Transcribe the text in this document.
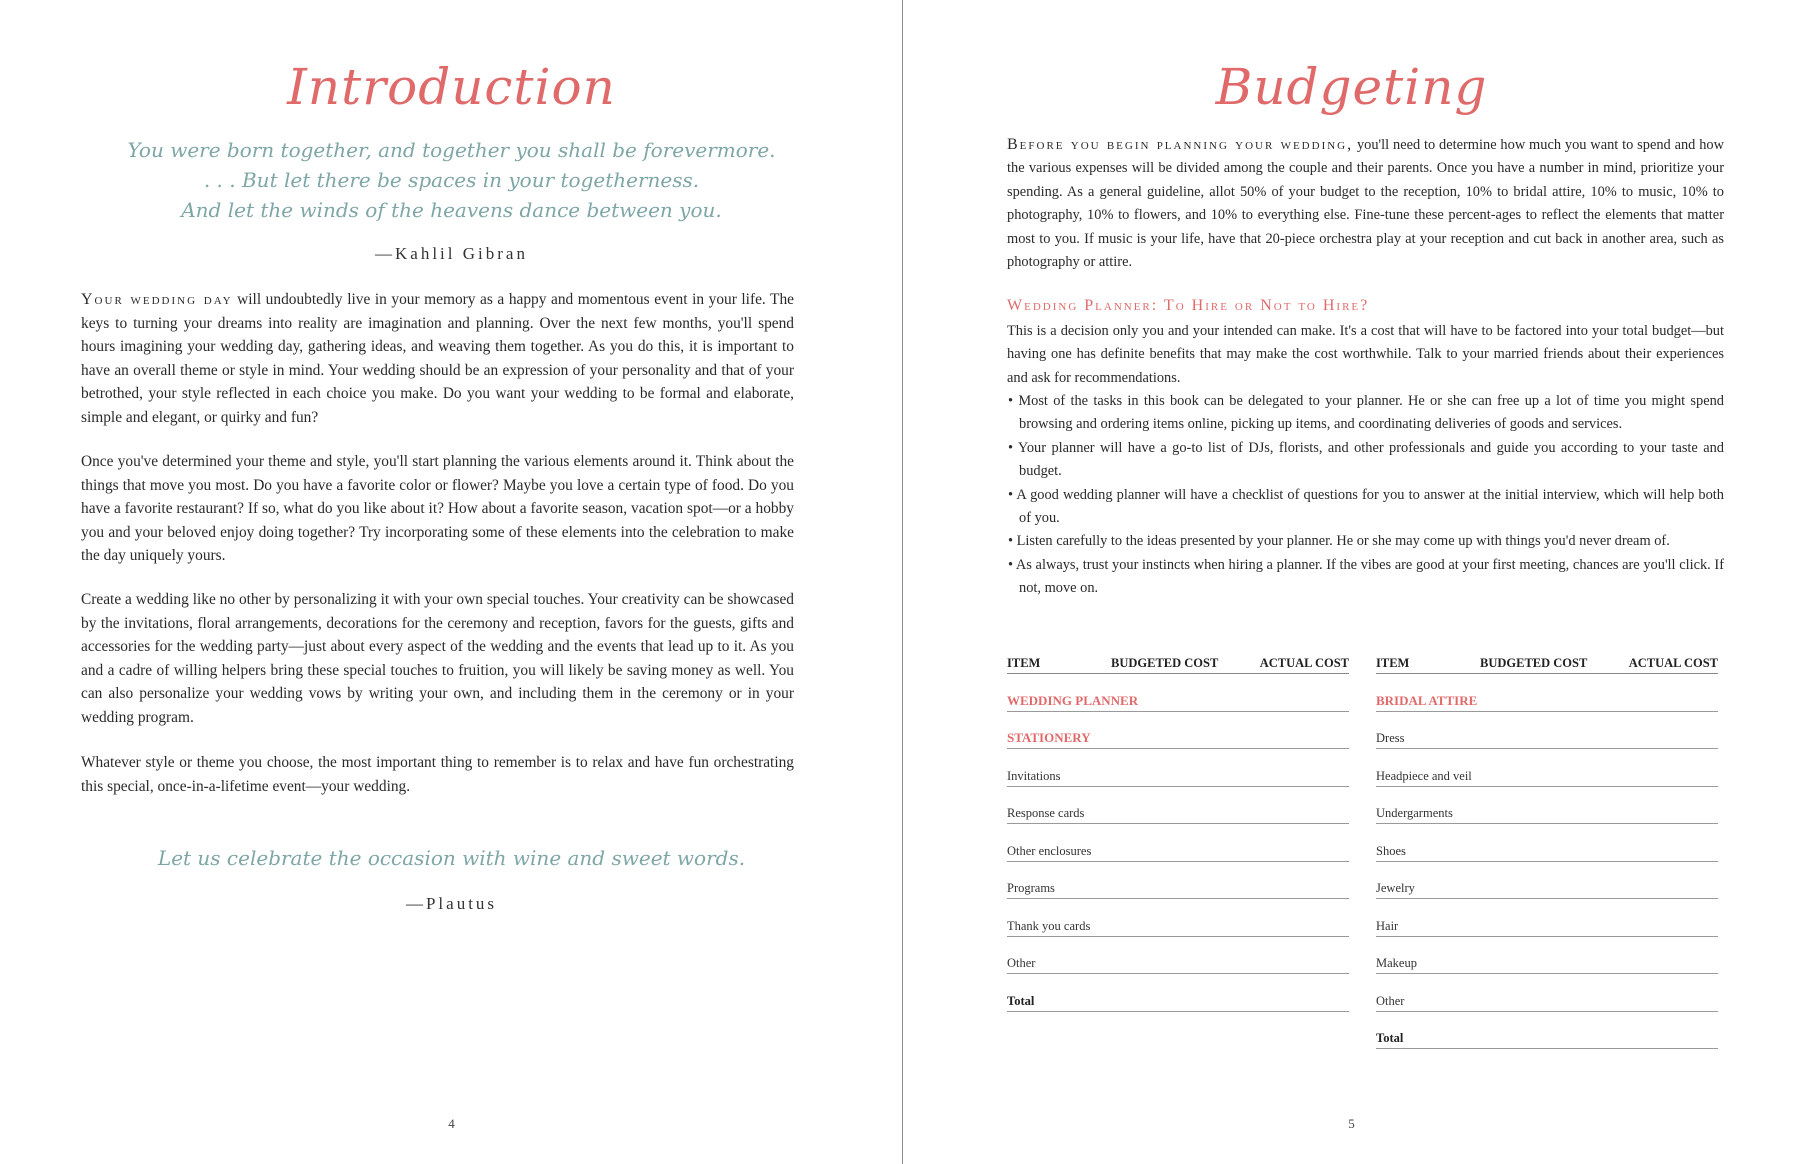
Introduction
You were born together, and together you shall be forevermore.
. . . But let there be spaces in your togetherness.
And let the winds of the heavens dance between you.
—Kahlil Gibran
Your wedding day will undoubtedly live in your memory as a happy and momentous event in your life. The keys to turning your dreams into reality are imagination and planning. Over the next few months, you'll spend hours imagining your wedding day, gathering ideas, and weaving them together. As you do this, it is important to have an overall theme or style in mind. Your wedding should be an expression of your personality and that of your betrothed, your style reflected in each choice you make. Do you want your wedding to be formal and elaborate, simple and elegant, or quirky and fun?
Once you've determined your theme and style, you'll start planning the various elements around it. Think about the things that move you most. Do you have a favorite color or flower? Maybe you love a certain type of food. Do you have a favorite restaurant? If so, what do you like about it? How about a favorite season, vacation spot—or a hobby you and your beloved enjoy doing together? Try incorporating some of these elements into the celebration to make the day uniquely yours.
Create a wedding like no other by personalizing it with your own special touches. Your creativity can be showcased by the invitations, floral arrangements, decorations for the ceremony and reception, favors for the guests, gifts and accessories for the wedding party—just about every aspect of the wedding and the events that lead up to it. As you and a cadre of willing helpers bring these special touches to fruition, you will likely be saving money as well. You can also personalize your wedding vows by writing your own, and including them in the ceremony or in your wedding program.
Whatever style or theme you choose, the most important thing to remember is to relax and have fun orchestrating this special, once-in-a-lifetime event—your wedding.
Let us celebrate the occasion with wine and sweet words.
—Plautus
4
Budgeting
Before you begin planning your wedding, you'll need to determine how much you want to spend and how the various expenses will be divided among the couple and their parents. Once you have a number in mind, prioritize your spending. As a general guideline, allot 50% of your budget to the reception, 10% to bridal attire, 10% to music, 10% to photography, 10% to flowers, and 10% to everything else. Fine-tune these percent-ages to reflect the elements that matter most to you. If music is your life, have that 20-piece orchestra play at your reception and cut back in another area, such as photography or attire.
Wedding Planner: To Hire or Not to Hire?
This is a decision only you and your intended can make. It's a cost that will have to be factored into your total budget—but having one has definite benefits that may make the cost worthwhile. Talk to your married friends about their experiences and ask for recommendations.
• Most of the tasks in this book can be delegated to your planner. He or she can free up a lot of time you might spend browsing and ordering items online, picking up items, and coordinating deliveries of goods and services.
• Your planner will have a go-to list of DJs, florists, and other professionals and guide you according to your taste and budget.
• A good wedding planner will have a checklist of questions for you to answer at the initial interview, which will help both of you.
• Listen carefully to the ideas presented by your planner. He or she may come up with things you'd never dream of.
• As always, trust your instincts when hiring a planner. If the vibes are good at your first meeting, chances are you'll click. If not, move on.
ITEM	BUDGETED COST	ACTUAL COST
WEDDING PLANNER
STATIONERY
Invitations
Response cards
Other enclosures
Programs
Thank you cards
Other
Total
ITEM	BUDGETED COST	ACTUAL COST
BRIDAL ATTIRE
Dress
Headpiece and veil
Undergarments
Shoes
Jewelry
Hair
Makeup
Other
Total
5
